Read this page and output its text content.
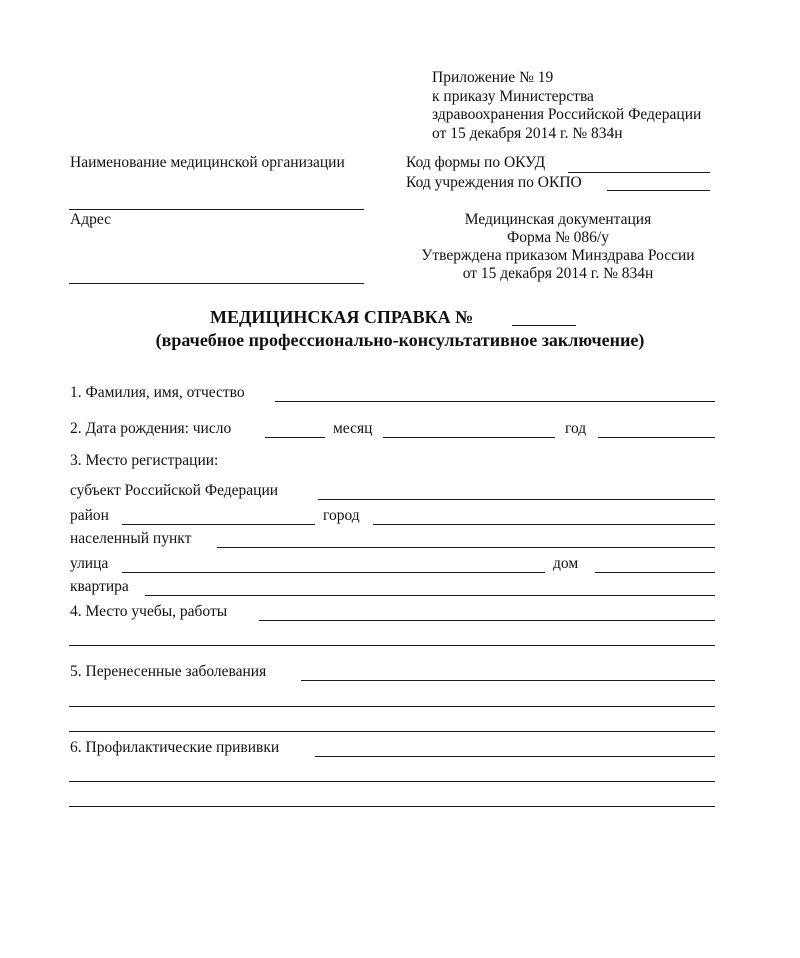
Приложение № 19
к приказу Министерства
здравоохранения Российской Федерации
от 15 декабря 2014 г. № 834н
Наименование медицинской организации
Адрес
Код формы по ОКУД
Код учреждения по ОКПО
Медицинская документация
Форма № 086/у
Утверждена приказом Минздрава России
от 15 декабря 2014 г. № 834н
МЕДИЦИНСКАЯ СПРАВКА №
(врачебное профессионально-консультативное заключение)
1. Фамилия, имя, отчество
2. Дата рождения: число	месяц	год
3. Место регистрации:
субъект Российской Федерации
район	город
населенный пункт
улица	дом
квартира
4. Место учебы, работы
5. Перенесенные заболевания
6. Профилактические прививки
